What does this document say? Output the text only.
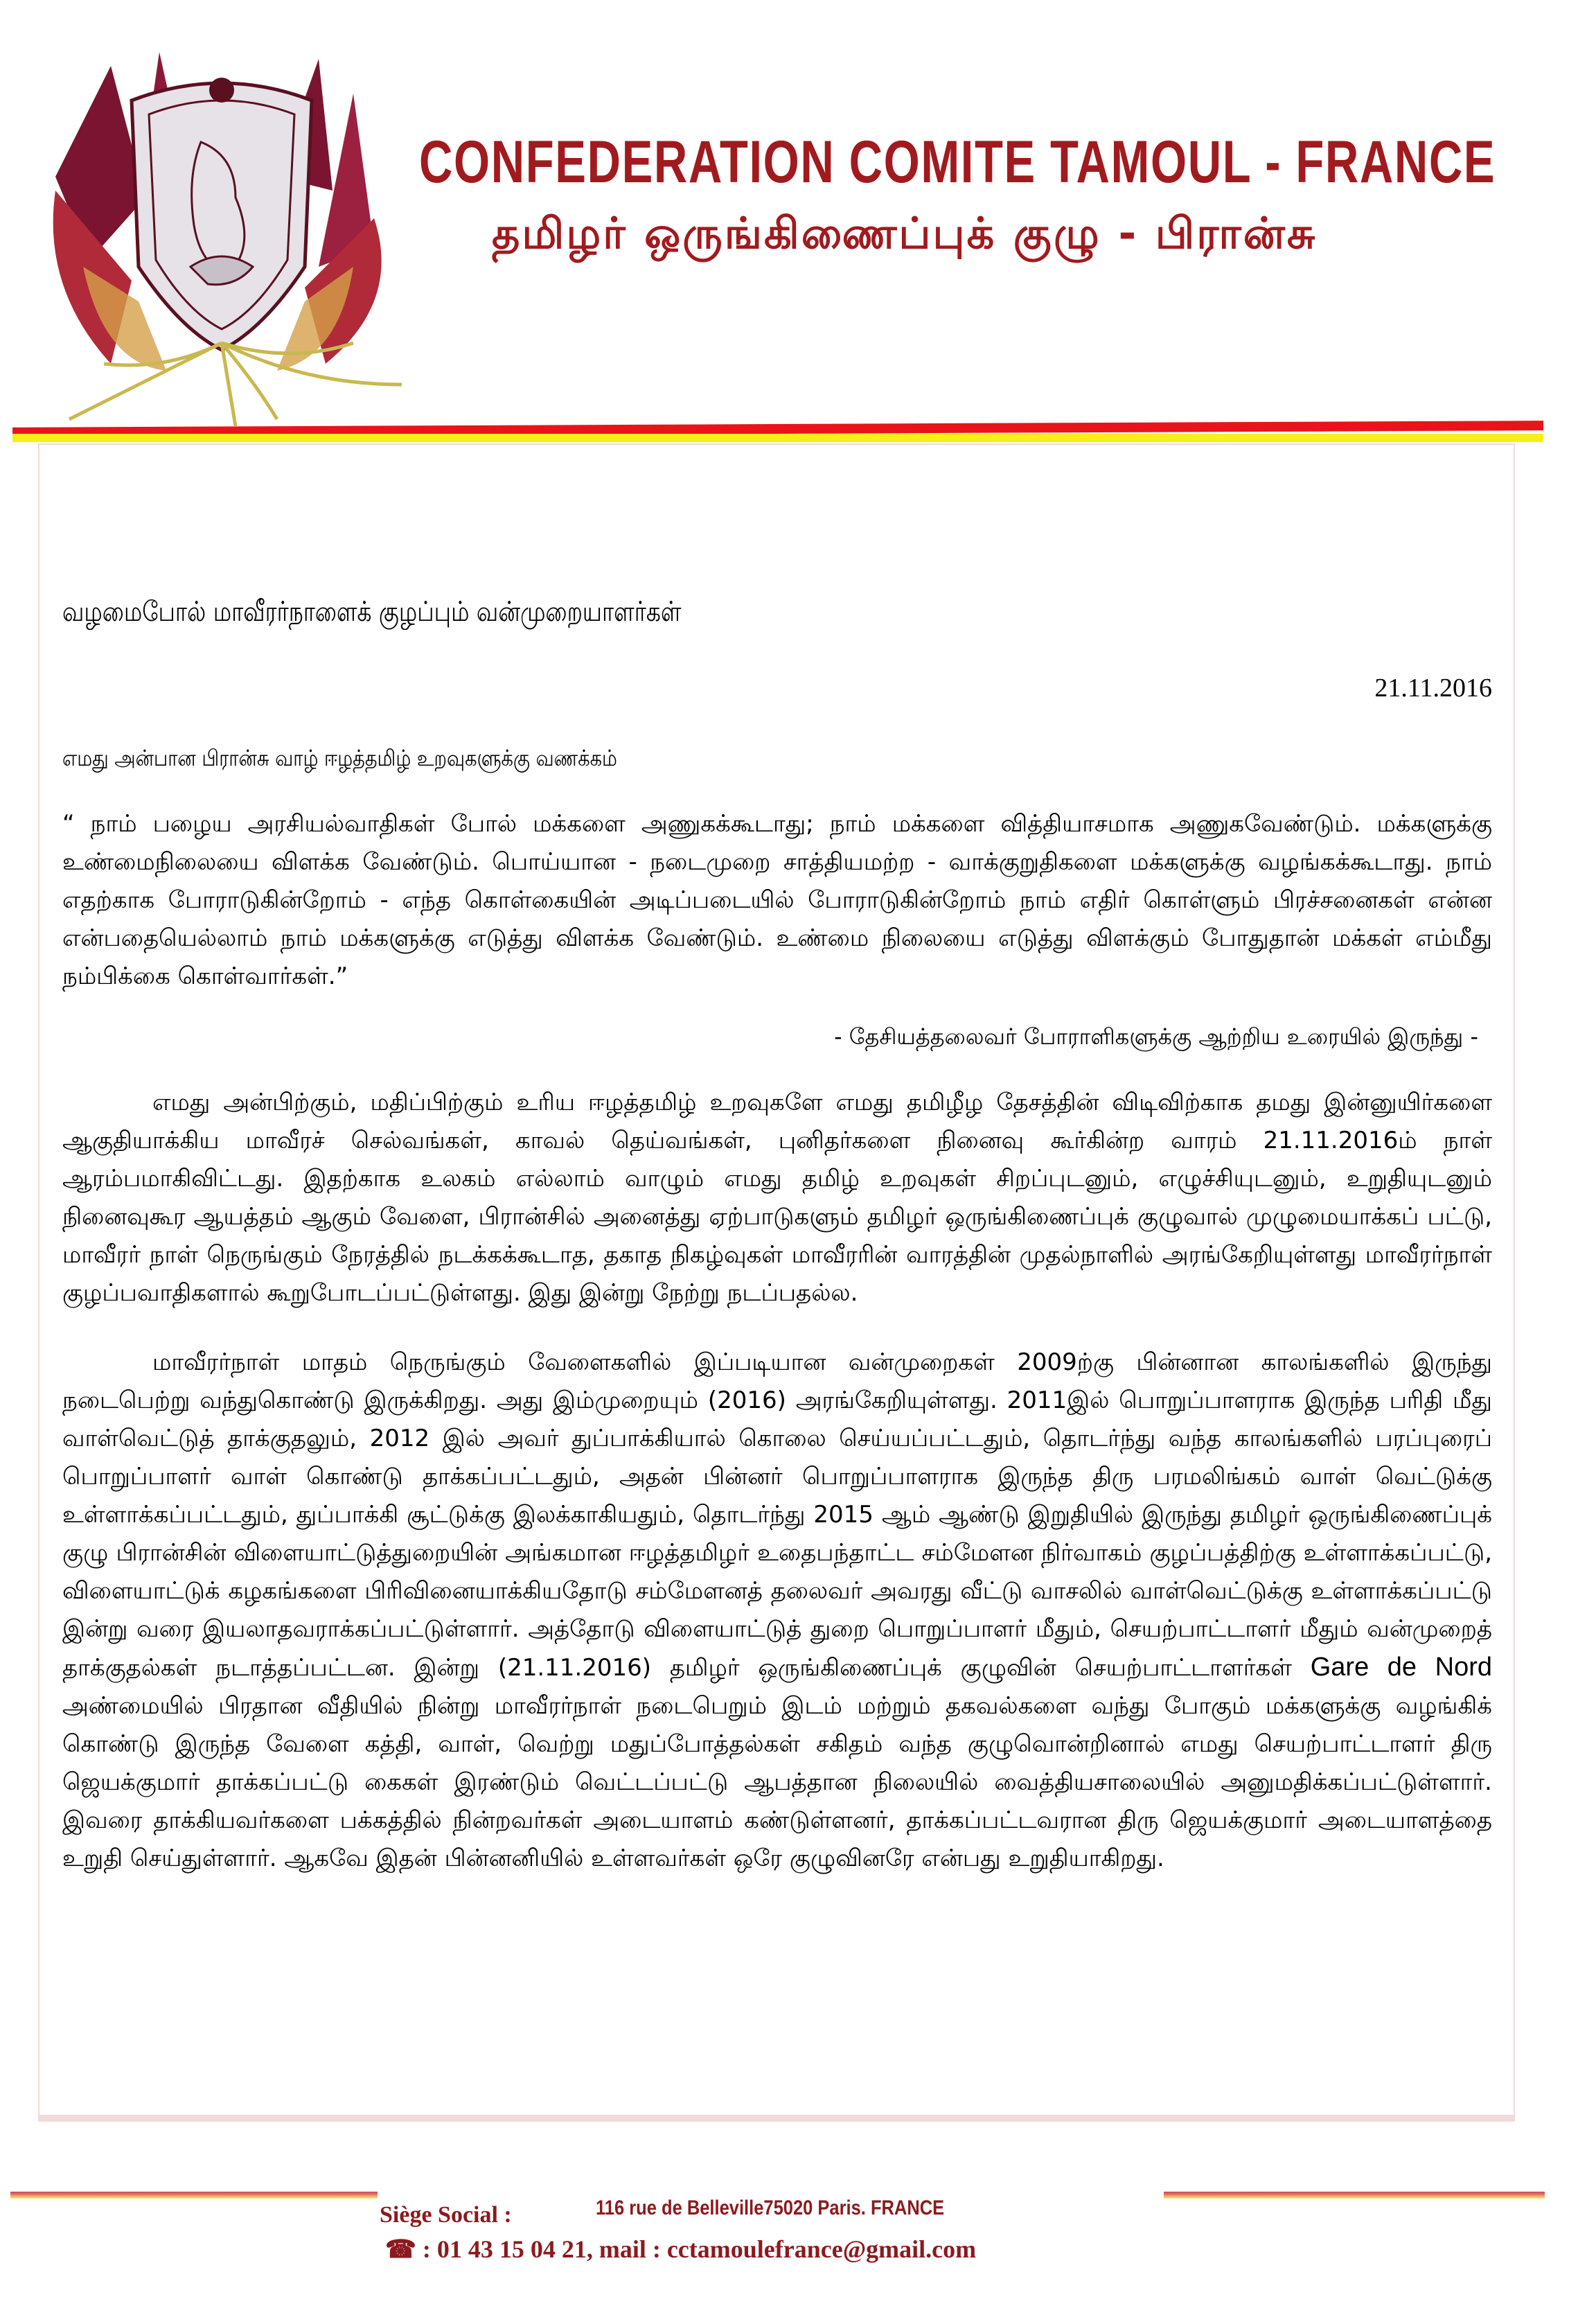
CONFEDERATION COMITE TAMOUL - FRANCE
தமிழர் ஒருங்கிணைப்புக் குழு - பிரான்சு
வழமைபோல் மாவீரர்நாளைக் குழப்பும் வன்முறையாளர்கள்
21.11.2016
எமது அன்பான பிரான்சு வாழ் ஈழத்தமிழ் உறவுகளுக்கு வணக்கம்

“ நாம் பழைய அரசியல்வாதிகள் போல் மக்களை அணுகக்கூடாது; நாம் மக்களை வித்தியாசமாக அணுகவேண்டும். மக்களுக்கு உண்மைநிலையை விளக்க வேண்டும். பொய்யான - நடைமுறை சாத்தியமற்ற - வாக்குறுதிகளை மக்களுக்கு வழங்கக்கூடாது. நாம் எதற்காக போராடுகின்றோம் - எந்த கொள்கையின் அடிப்படையில் போராடுகின்றோம் நாம் எதிர் கொள்ளும் பிரச்சனைகள் என்ன என்பதையெல்லாம் நாம் மக்களுக்கு எடுத்து விளக்க வேண்டும். உண்மை நிலையை எடுத்து விளக்கும் போதுதான் மக்கள் எம்மீது நம்பிக்கை கொள்வார்கள்.”

- தேசியத்தலைவர் போராளிகளுக்கு ஆற்றிய உரையில் இருந்து -

எமது அன்பிற்கும், மதிப்பிற்கும் உரிய ஈழத்தமிழ் உறவுகளே எமது தமிழீழ தேசத்தின் விடிவிற்காக தமது இன்னுயிர்களை ஆகுதியாக்கிய மாவீரச் செல்வங்கள், காவல் தெய்வங்கள், புனிதர்களை நினைவு கூர்கின்ற வாரம் 21.11.2016ம் நாள் ஆரம்பமாகிவிட்டது. இதற்காக உலகம் எல்லாம் வாழும் எமது தமிழ் உறவுகள் சிறப்புடனும், எழுச்சியுடனும், உறுதியுடனும் நினைவுகூர ஆயத்தம் ஆகும் வேளை, பிரான்சில் அனைத்து ஏற்பாடுகளும் தமிழர் ஒருங்கிணைப்புக் குழுவால் முழுமையாக்கப் பட்டு, மாவீரர் நாள் நெருங்கும் நேரத்தில் நடக்கக்கூடாத, தகாத நிகழ்வுகள் மாவீரரின் வாரத்தின் முதல்நாளில் அரங்கேறியுள்ளது மாவீரர்நாள் குழப்பவாதிகளால் கூறுபோடப்பட்டுள்ளது. இது இன்று நேற்று நடப்பதல்ல.

மாவீரர்நாள் மாதம் நெருங்கும் வேளைகளில் இப்படியான வன்முறைகள் 2009ற்கு பின்னான காலங்களில் இருந்து நடைபெற்று வந்துகொண்டு இருக்கிறது. அது இம்முறையும் (2016) அரங்கேறியுள்ளது. 2011இல் பொறுப்பாளராக இருந்த பரிதி மீது வாள்வெட்டுத் தாக்குதலும், 2012 இல் அவர் துப்பாக்கியால் கொலை செய்யப்பட்டதும், தொடர்ந்து வந்த காலங்களில் பரப்புரைப் பொறுப்பாளர் வாள் கொண்டு தாக்கப்பட்டதும், அதன் பின்னர் பொறுப்பாளராக இருந்த திரு பரமலிங்கம் வாள் வெட்டுக்கு உள்ளாக்கப்பட்டதும், துப்பாக்கி சூட்டுக்கு இலக்காகியதும், தொடர்ந்து 2015 ஆம் ஆண்டு இறுதியில் இருந்து தமிழர் ஒருங்கிணைப்புக் குழு பிரான்சின் விளையாட்டுத்துறையின் அங்கமான ஈழத்தமிழர் உதைபந்தாட்ட சம்மேளன நிர்வாகம் குழப்பத்திற்கு உள்ளாக்கப்பட்டு, விளையாட்டுக் கழகங்களை பிரிவினையாக்கியதோடு சம்மேளனத் தலைவர் அவரது வீட்டு வாசலில் வாள்வெட்டுக்கு உள்ளாக்கப்பட்டு இன்று வரை இயலாதவராக்கப்பட்டுள்ளார். அத்தோடு விளையாட்டுத் துறை பொறுப்பாளர் மீதும், செயற்பாட்டாளர் மீதும் வன்முறைத் தாக்குதல்கள் நடாத்தப்பட்டன. இன்று (21.11.2016) தமிழர் ஒருங்கிணைப்புக் குழுவின் செயற்பாட்டாளர்கள் Gare de Nord அண்மையில் பிரதான வீதியில் நின்று மாவீரர்நாள் நடைபெறும் இடம் மற்றும் தகவல்களை வந்து போகும் மக்களுக்கு வழங்கிக் கொண்டு இருந்த வேளை கத்தி, வாள், வெற்று மதுப்போத்தல்கள் சகிதம் வந்த குழுவொன்றினால் எமது செயற்பாட்டாளர் திரு ஜெயக்குமார் தாக்கப்பட்டு கைகள் இரண்டும் வெட்டப்பட்டு ஆபத்தான நிலையில் வைத்தியசாலையில் அனுமதிக்கப்பட்டுள்ளார். இவரை தாக்கியவர்களை பக்கத்தில் நின்றவர்கள் அடையாளம் கண்டுள்ளனர், தாக்கப்பட்டவரான திரு ஜெயக்குமார் அடையாளத்தை உறுதி செய்துள்ளார். ஆகவே இதன் பின்னனியில் உள்ளவர்கள் ஒரே குழுவினரே என்பது உறுதியாகிறது.

Siège Social :	116 rue de Belleville75020 Paris. FRANCE
☎ : 01 43 15 04 21, mail : cctamoulefrance@gmail.com
